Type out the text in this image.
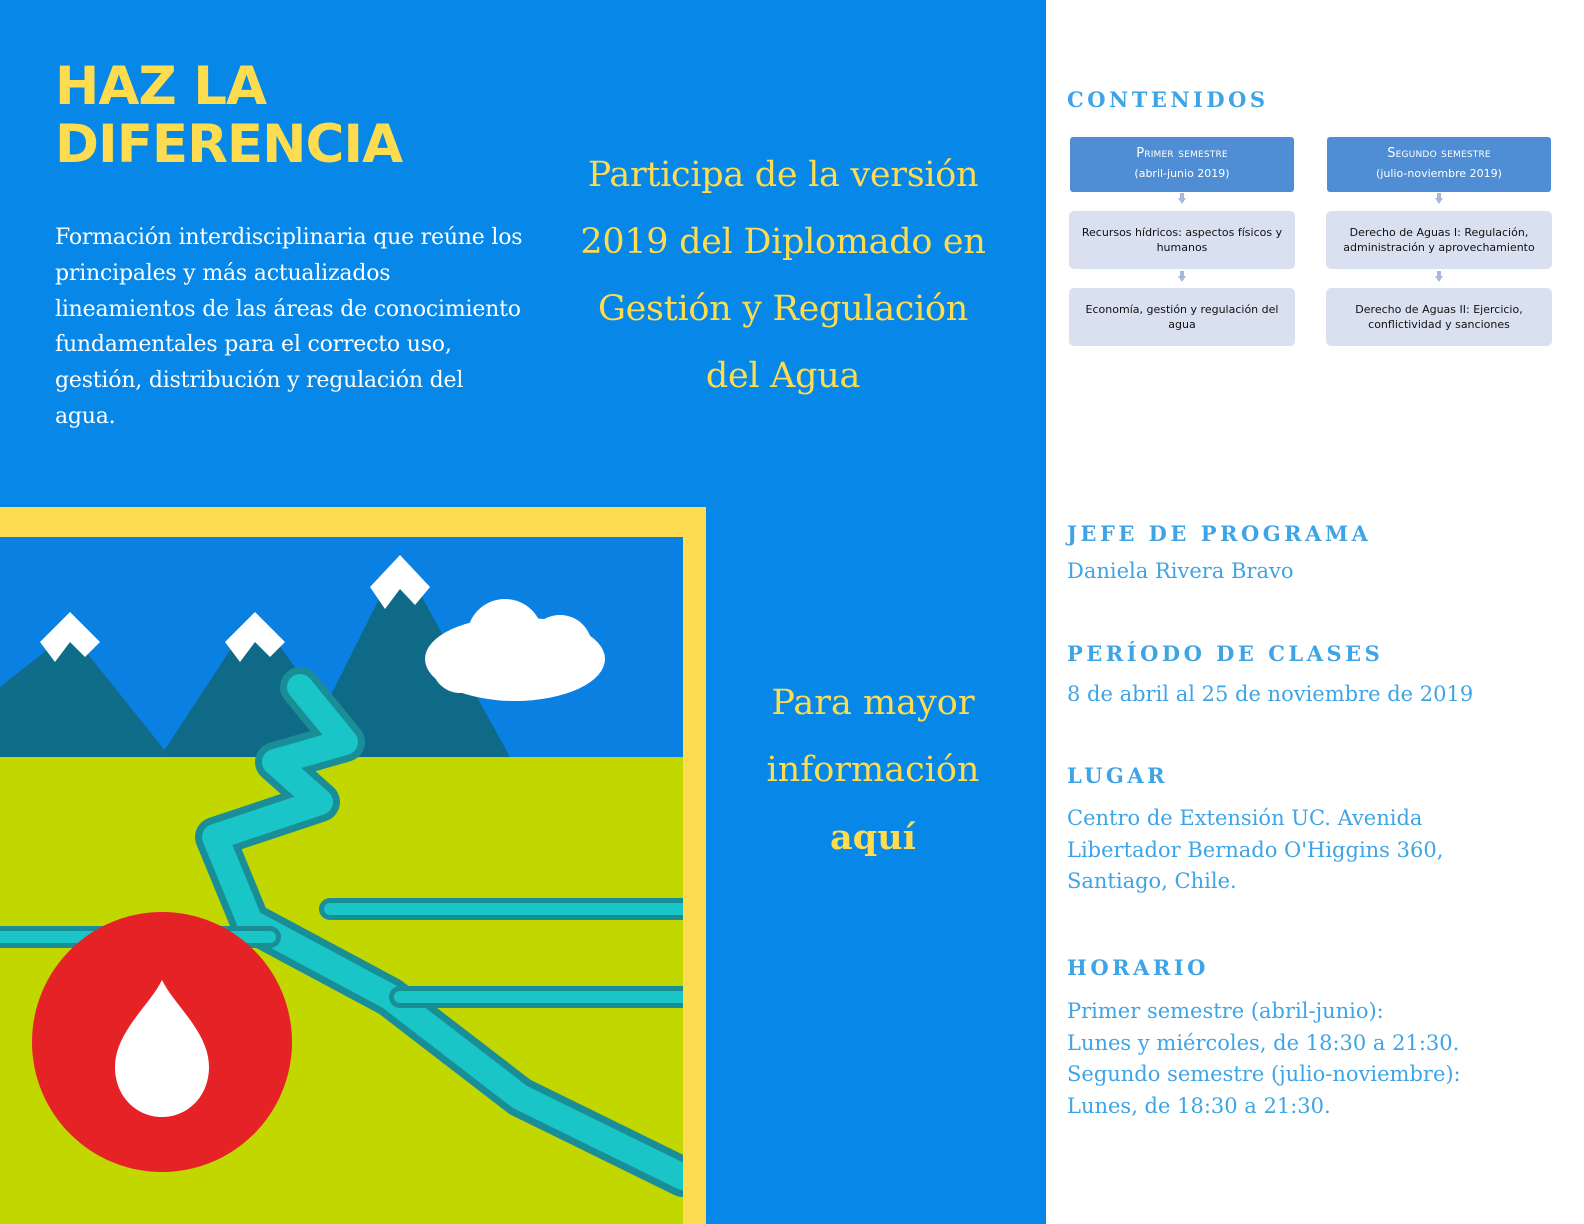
HAZ LA
DIFERENCIA

Formación interdisciplinaria que reúne los principales y más actualizados lineamientos de las áreas de conocimiento fundamentales para el correcto uso, gestión, distribución y regulación del agua.

Participa de la versión
2019 del Diplomado en
Gestión y Regulación
del Agua
Para mayor
información
aquí
CONTENIDOS
Primer semestre
(abril-junio 2019)
Recursos hídricos: aspectos físicos y humanos
Economía, gestión y regulación del agua
Segundo semestre
(julio-noviembre 2019)
Derecho de Aguas I: Regulación, administración y aprovechamiento
Derecho de Aguas II: Ejercicio, conflictividad y sanciones
JEFE DE PROGRAMA
Daniela Rivera Bravo
PERÍODO DE CLASES
8 de abril al 25 de noviembre de 2019
LUGAR
Centro de Extensión UC. Avenida Libertador Bernado O'Higgins 360, Santiago, Chile.
HORARIO
Primer semestre (abril-junio):
Lunes y miércoles, de 18:30 a 21:30.
Segundo semestre (julio-noviembre):
Lunes, de 18:30 a 21:30.
